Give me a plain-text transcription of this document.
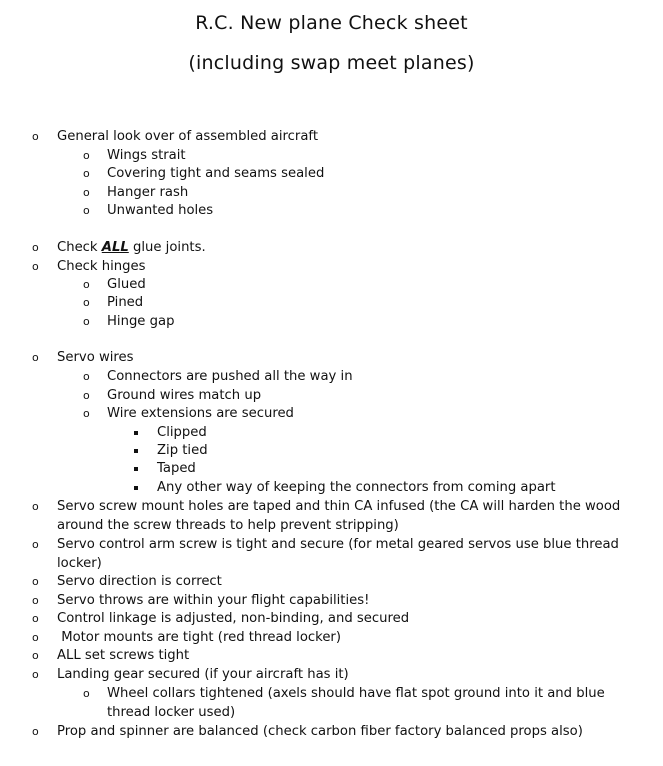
R.C. New plane Check sheet
(including swap meet planes)
o General look over of assembled aircraft
o Wings strait
o Covering tight and seams sealed
o Hanger rash
o Unwanted holes
o Check ALL glue joints.
o Check hinges
o Glued
o Pined
o Hinge gap
o Servo wires
o Connectors are pushed all the way in
o Ground wires match up
o Wire extensions are secured
Clipped
Zip tied
Taped
Any other way of keeping the connectors from coming apart
o Servo screw mount holes are taped and thin CA infused (the CA will harden the wood
around the screw threads to help prevent stripping)
o Servo control arm screw is tight and secure (for metal geared servos use blue thread
locker)
o Servo direction is correct
o Servo throws are within your flight capabilities!
o Control linkage is adjusted, non-binding, and secured
o Motor mounts are tight (red thread locker)
o ALL set screws tight
o Landing gear secured (if your aircraft has it)
o Wheel collars tightened (axels should have flat spot ground into it and blue
thread locker used)
o Prop and spinner are balanced (check carbon fiber factory balanced props also)
